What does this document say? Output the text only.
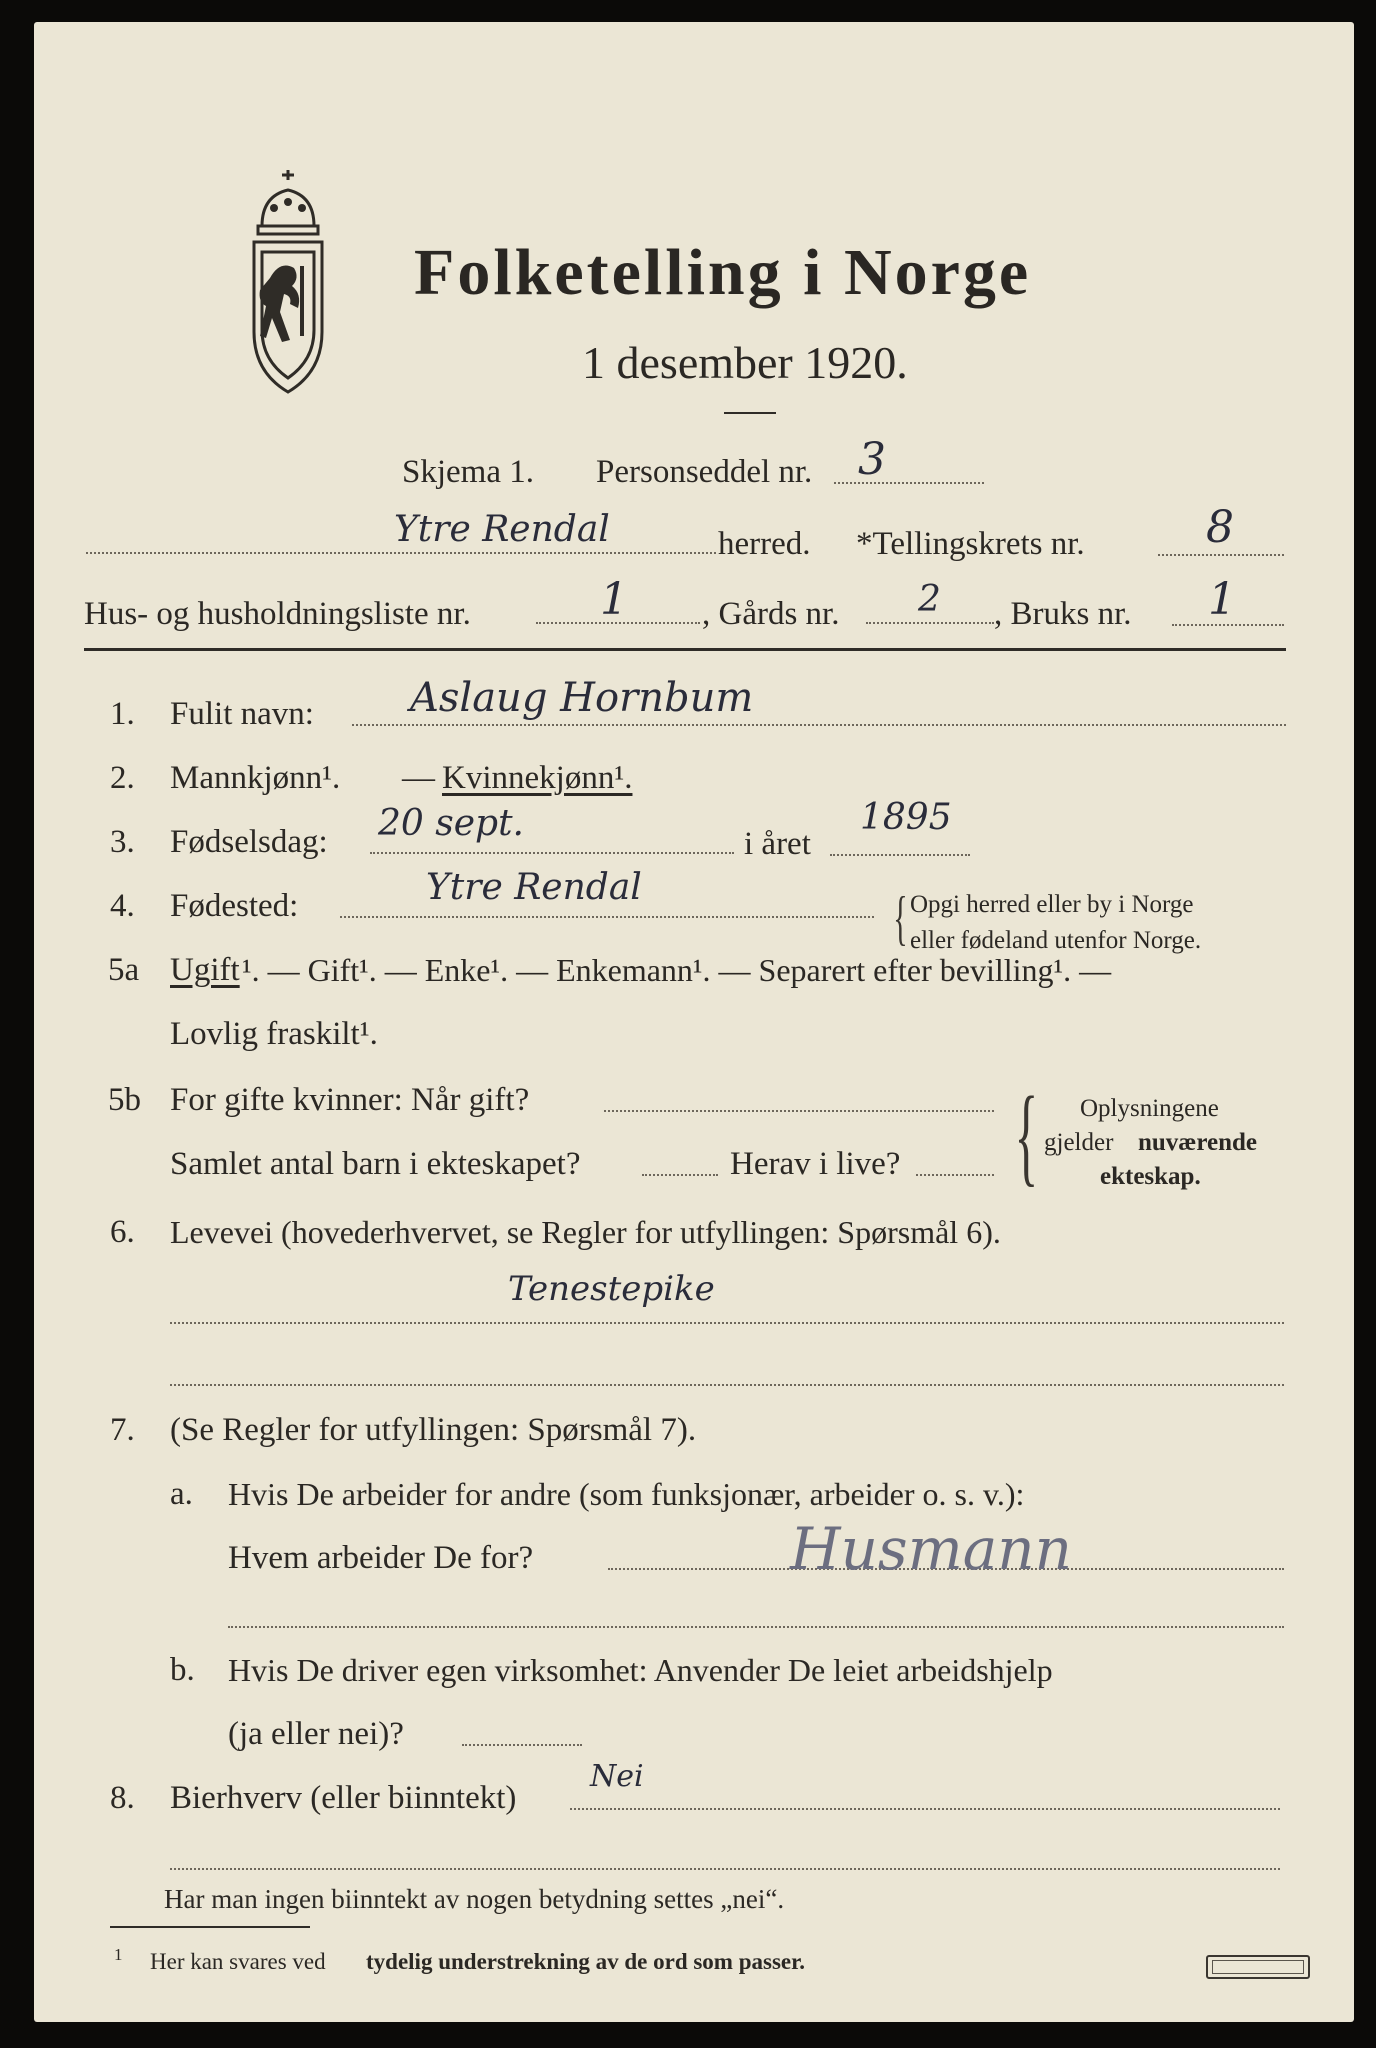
Folketelling i Norge
1 desember 1920.
Skjema 1. Personseddel nr. 3
Ytre Rendal	herred. *Tellingskrets nr.	8
Hus- og husholdningsliste nr.	1 , Gårds nr. 2 , Bruks nr. 1
1. Fulit navn: Aslaug Hornbum
2. Mannkjønn¹. — Kvinnekjønn¹.
3. Fødselsdag: 20 sept.	i året
1895
4. Fødested:	Ytre Rendal	{ Opgi herred eller by i Norge
eller fødeland utenfor Norge.
5a Ugift ¹. — Gift¹. — Enke¹. — Enkemann¹. — Separert efter bevilling¹. —
Lovlig fraskilt¹.
5b For gifte kvinner: Når gift?
Samlet antal barn i ekteskapet?	Herav i live? { Oplysningene
gjelder nuværende
ekteskap.
6. Levevei (hovederhvervet, se Regler for utfyllingen: Spørsmål 6).
Tenestepike
7. (Se Regler for utfyllingen: Spørsmål 7).
a. Hvis De arbeider for andre (som funksjonær, arbeider o. s. v.):
Hvem arbeider De for?	Husmann
b. Hvis De driver egen virksomhet: Anvender De leiet arbeidshjelp
(ja eller nei)?
8. Bierhverv (eller biinntekt)
Nei
Har man ingen biinntekt av nogen betydning settes „nei“.
1 Her kan svares ved tydelig understrekning av de ord som passer.
